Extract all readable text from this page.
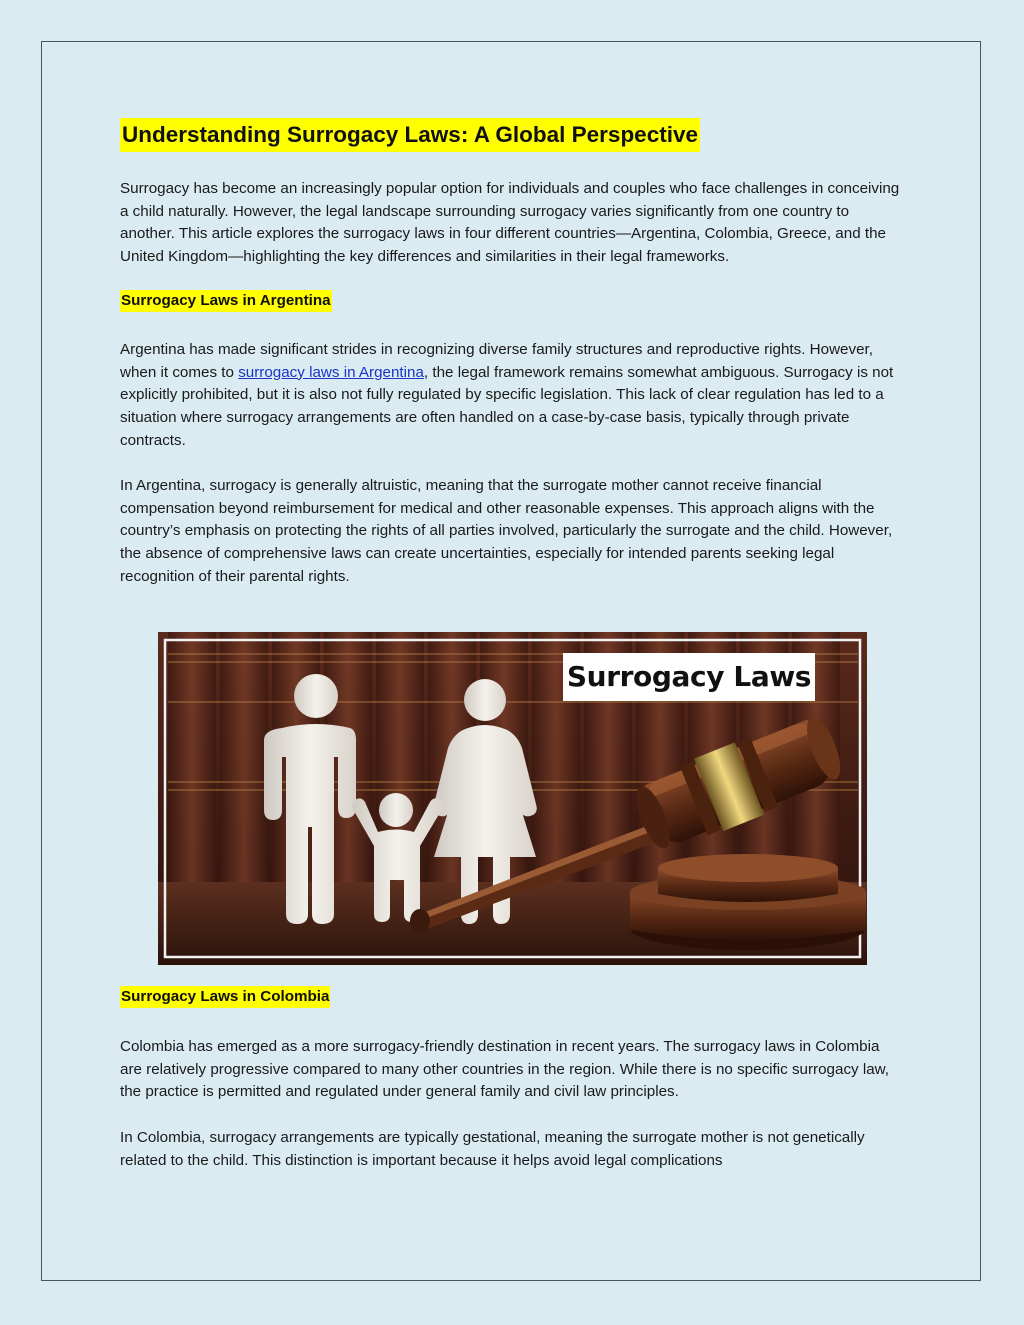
Understanding Surrogacy Laws: A Global Perspective

Surrogacy has become an increasingly popular option for individuals and couples who face challenges in conceiving a child naturally. However, the legal landscape surrounding surrogacy varies significantly from one country to another. This article explores the surrogacy laws in four different countries—Argentina, Colombia, Greece, and the United Kingdom—highlighting the key differences and similarities in their legal frameworks.

Surrogacy Laws in Argentina

Argentina has made significant strides in recognizing diverse family structures and reproductive rights. However, when it comes to surrogacy laws in Argentina, the legal framework remains somewhat ambiguous. Surrogacy is not explicitly prohibited, but it is also not fully regulated by specific legislation. This lack of clear regulation has led to a situation where surrogacy arrangements are often handled on a case-by-case basis, typically through private contracts.

In Argentina, surrogacy is generally altruistic, meaning that the surrogate mother cannot receive financial compensation beyond reimbursement for medical and other reasonable expenses. This approach aligns with the country’s emphasis on protecting the rights of all parties involved, particularly the surrogate and the child. However, the absence of comprehensive laws can create uncertainties, especially for intended parents seeking legal recognition of their parental rights.

Surrogacy Laws
Surrogacy Laws in Colombia

Colombia has emerged as a more surrogacy-friendly destination in recent years. The surrogacy laws in Colombia are relatively progressive compared to many other countries in the region. While there is no specific surrogacy law, the practice is permitted and regulated under general family and civil law principles.

In Colombia, surrogacy arrangements are typically gestational, meaning the surrogate mother is not genetically related to the child. This distinction is important because it helps avoid legal complications
